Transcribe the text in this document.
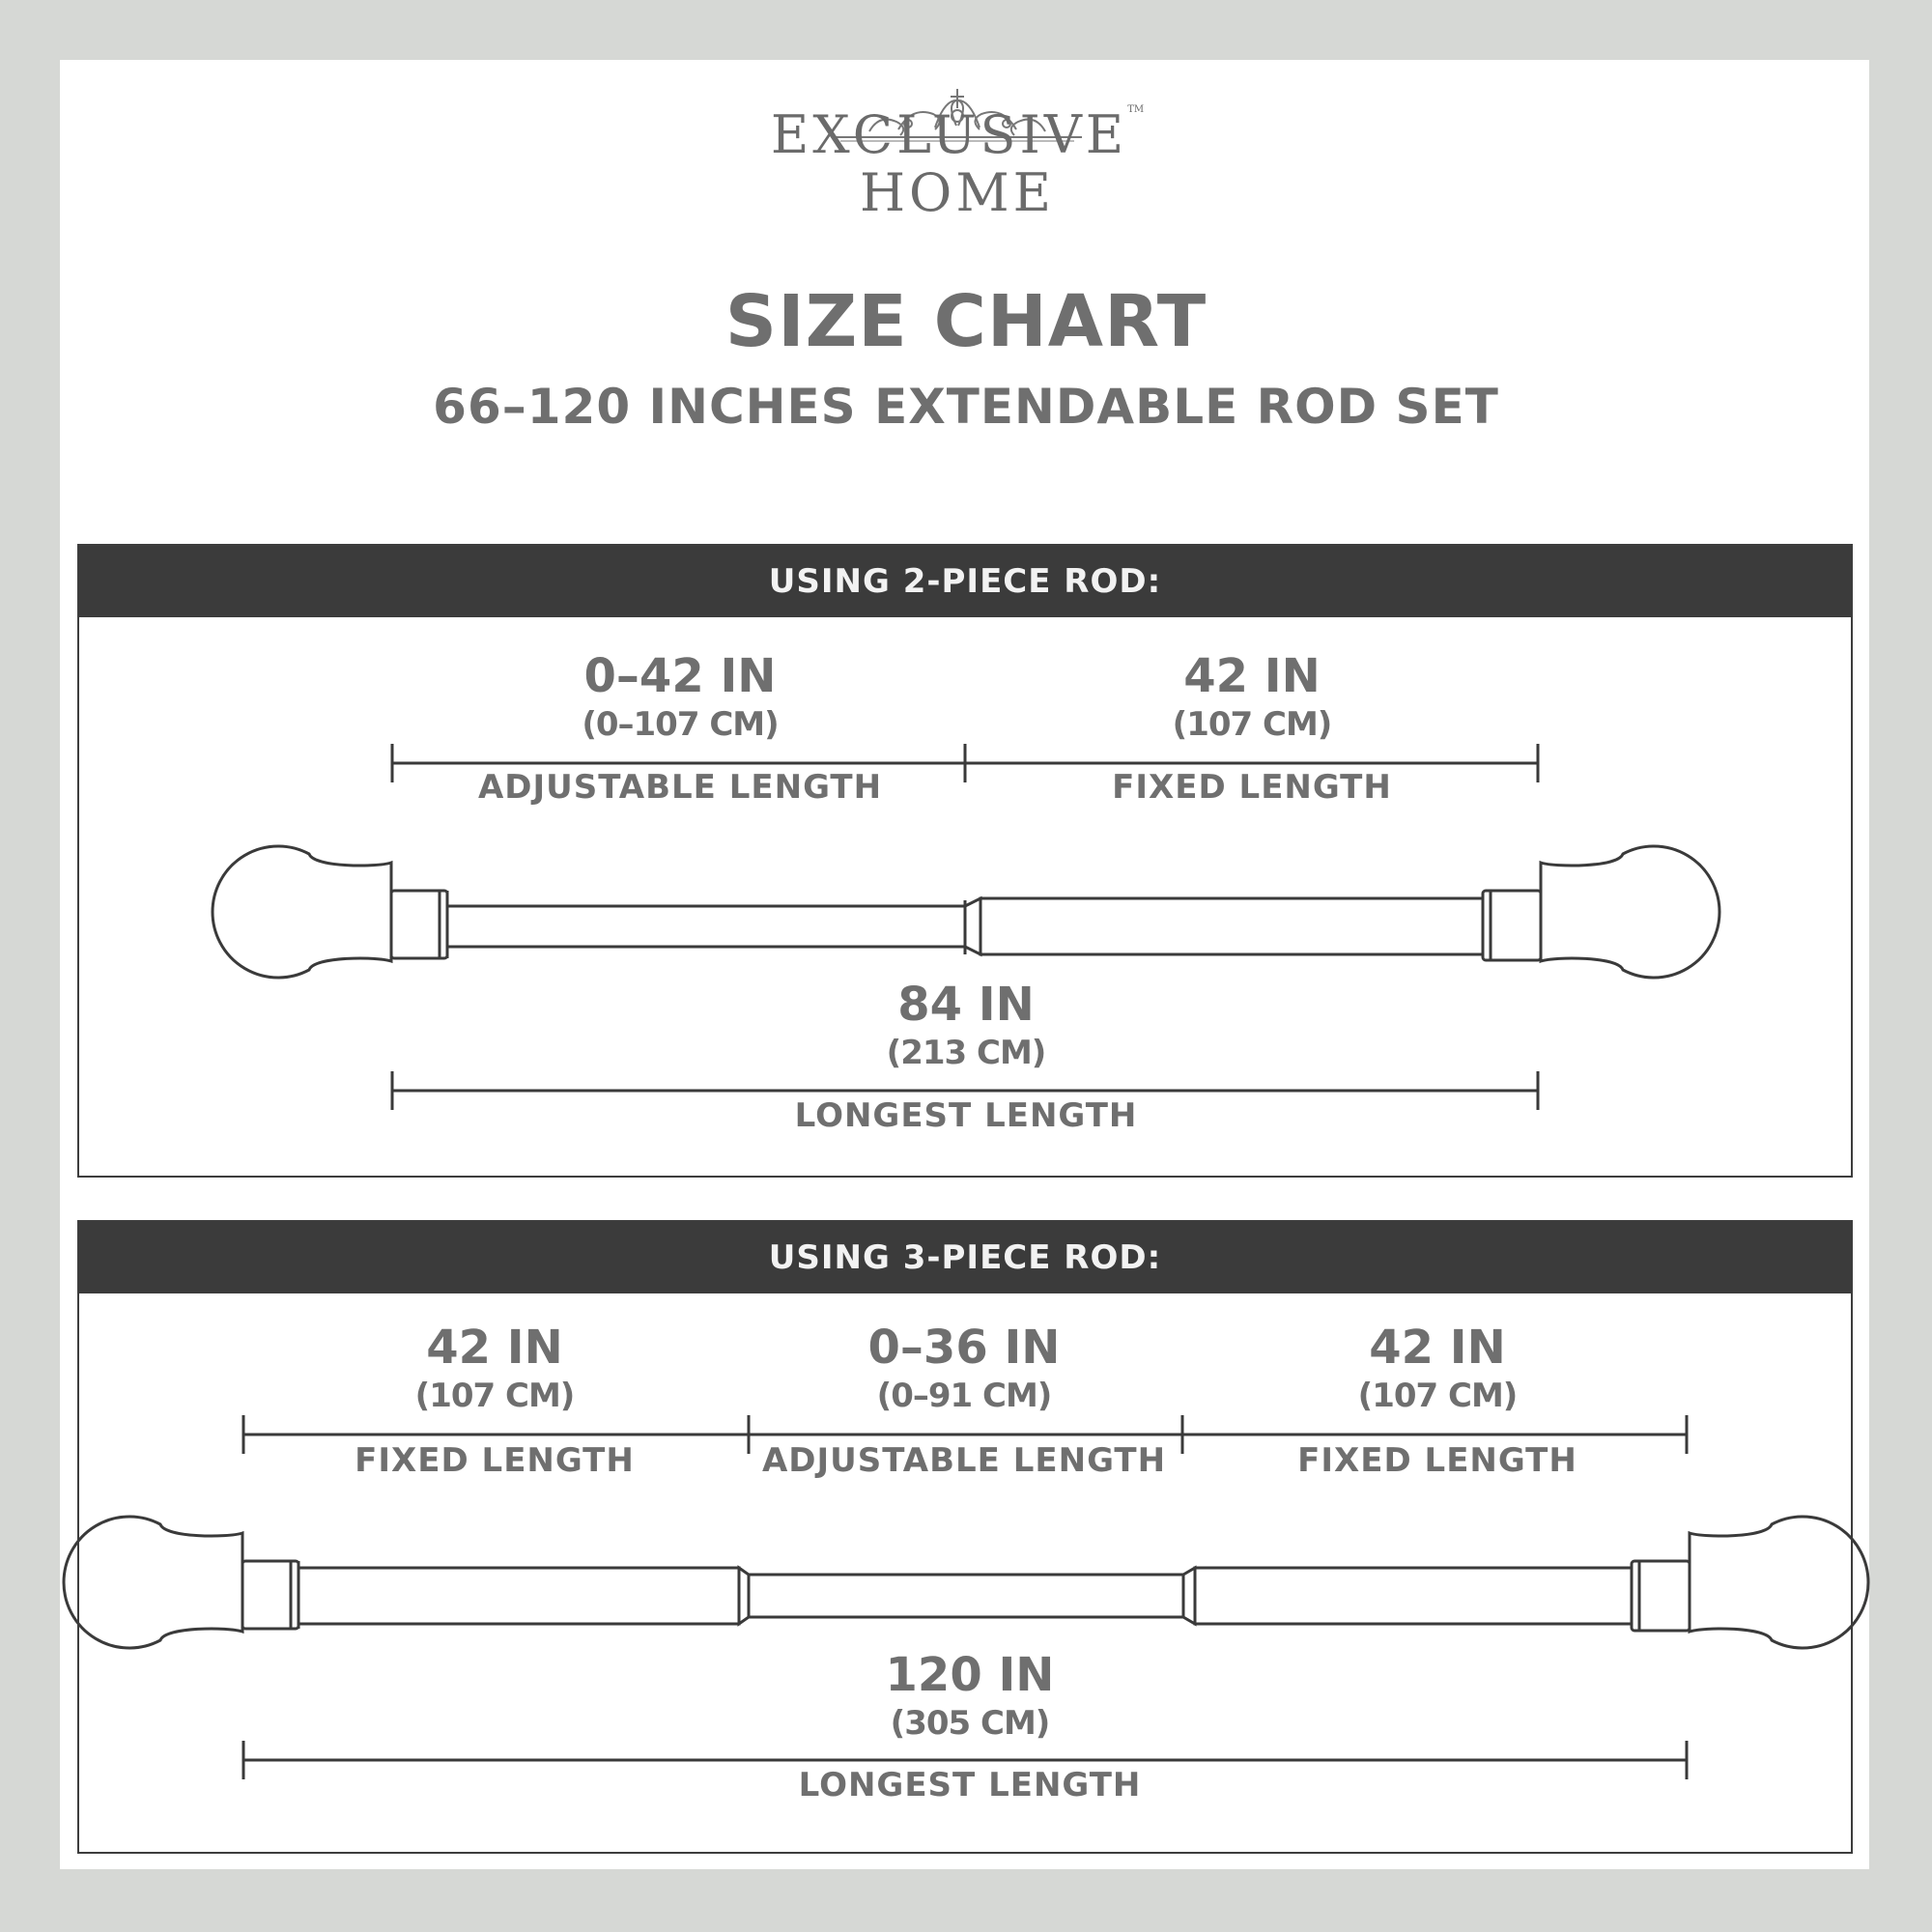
EXCLUSIVE™
HOME
SIZE CHART
66–120 INCHES EXTENDABLE ROD SET
USING 2-PIECE ROD:
USING 3-PIECE ROD:
0–42 IN
(0–107 CM)
ADJUSTABLE LENGTH
42 IN
(107 CM)
FIXED LENGTH
84 IN
(213 CM)
LONGEST LENGTH
42 IN
(107 CM)
FIXED LENGTH
0–36 IN
(0–91 CM)
ADJUSTABLE LENGTH
42 IN
(107 CM)
FIXED LENGTH
120 IN
(305 CM)
LONGEST LENGTH
